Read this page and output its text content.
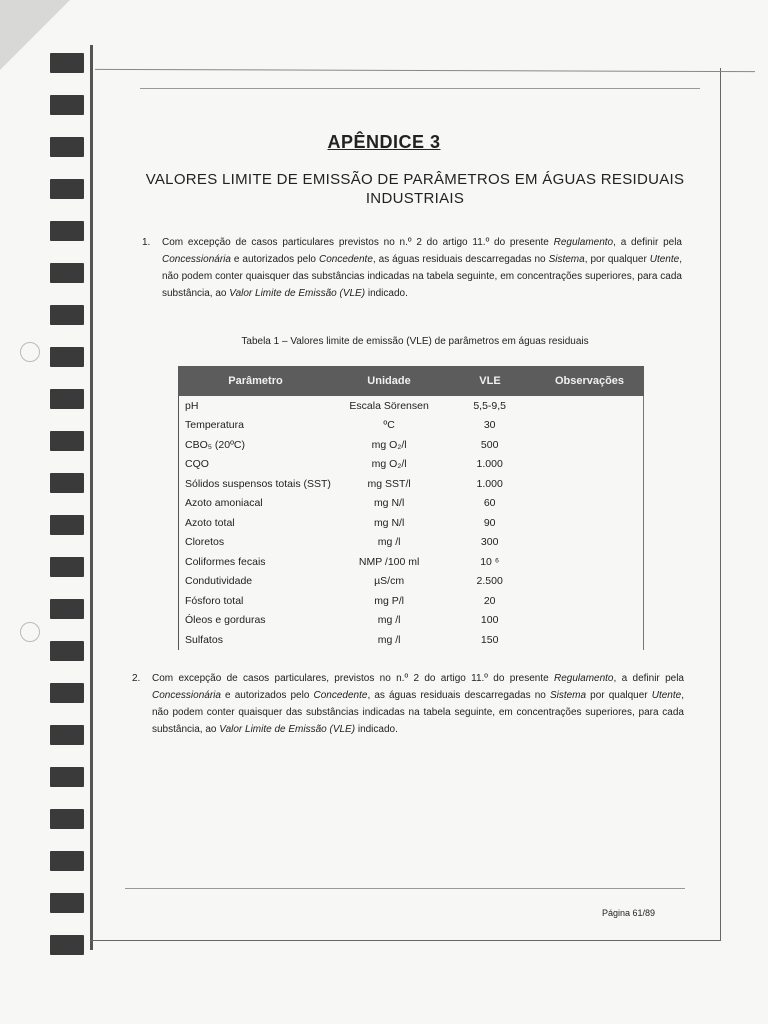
APÊNDICE 3
VALORES LIMITE DE EMISSÃO DE PARÂMETROS EM ÁGUAS RESIDUAIS INDUSTRIAIS
1. Com excepção de casos particulares previstos no n.º 2 do artigo 11.º do presente Regulamento, a definir pela Concessionária e autorizados pelo Concedente, as águas residuais descarregadas no Sistema, por qualquer Utente, não podem conter quaisquer das substâncias indicadas na tabela seguinte, em concentrações superiores, para cada substância, ao Valor Limite de Emissão (VLE) indicado.
Tabela 1 – Valores limite de emissão (VLE) de parâmetros em águas residuais
Parâmetro	Unidade	VLE	Observações
pH	Escala Sörensen	5,5-9,5
Temperatura	ºC	30
CBO₅ (20ºC)	mg O₂/l	500
CQO	mg O₂/l	1.000
Sólidos suspensos totais (SST)	mg SST/l	1.000
Azoto amoniacal	mg N/l	60
Azoto total	mg N/l	90
Cloretos	mg /l	300
Coliformes fecais	NMP /100 ml	10 ⁶
Condutividade	µS/cm	2.500
Fósforo total	mg P/l	20
Óleos e gorduras	mg /l	100
Sulfatos	mg /l	150
2. Com excepção de casos particulares, previstos no n.º 2 do artigo 11.º do presente Regulamento, a definir pela Concessionária e autorizados pelo Concedente, as águas residuais descarregadas no Sistema por qualquer Utente, não podem conter quaisquer das substâncias indicadas na tabela seguinte, em concentrações superiores, para cada substância, ao Valor Limite de Emissão (VLE) indicado.
Página 61/89
